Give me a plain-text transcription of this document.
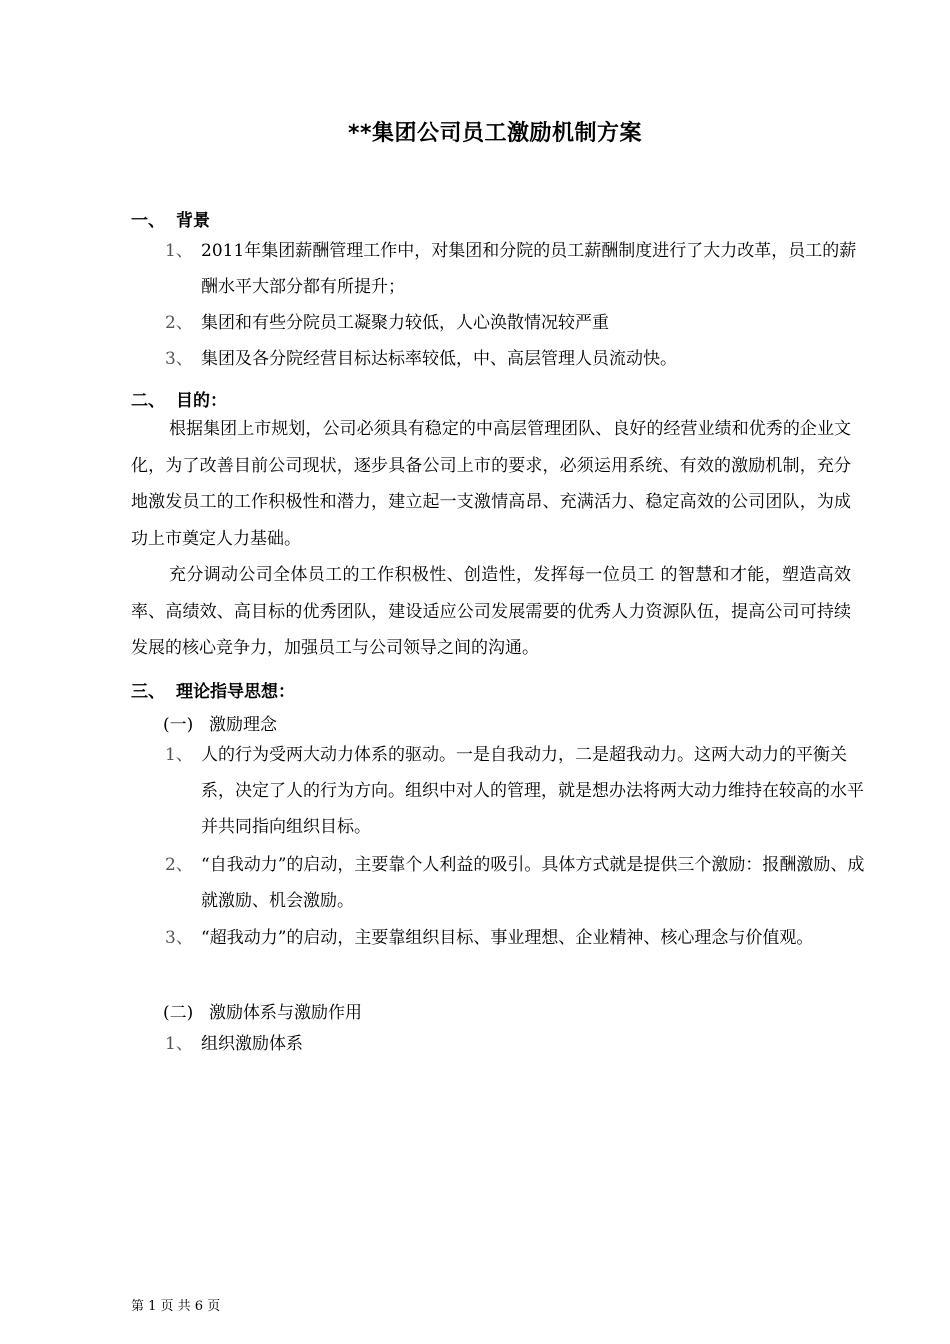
**集团公司员工激励机制方案
一、 背景
1、 2011年集团薪酬管理工作中，对集团和分院的员工薪酬制度进行了大力改革，员工的薪酬水平大部分都有所提升；
2、 集团和有些分院员工凝聚力较低，人心涣散情况较严重
3、 集团及各分院经营目标达标率较低，中、高层管理人员流动快。
二、 目的：
根据集团上市规划，公司必须具有稳定的中高层管理团队、良好的经营业绩和优秀的企业文化，为了改善目前公司现状，逐步具备公司上市的要求，必须运用系统、有效的激励机制，充分地激发员工的工作积极性和潜力，建立起一支激情高昂、充满活力、稳定高效的公司团队，为成功上市奠定人力基础。
充分调动公司全体员工的工作积极性、创造性，发挥每一位员工 的智慧和才能，塑造高效率、高绩效、高目标的优秀团队，建设适应公司发展需要的优秀人力资源队伍，提高公司可持续发展的核心竞争力，加强员工与公司领导之间的沟通。
三、 理论指导思想：
(一) 激励理念
1、 人的行为受两大动力体系的驱动。一是自我动力，二是超我动力。这两大动力的平衡关系，决定了人的行为方向。组织中对人的管理，就是想办法将两大动力维持在较高的水平并共同指向组织目标。
2、 “自我动力”的启动，主要靠个人利益的吸引。具体方式就是提供三个激励：报酬激励、成就激励、机会激励。
3、 “超我动力”的启动，主要靠组织目标、事业理想、企业精神、核心理念与价值观。
(二) 激励体系与激励作用
1、 组织激励体系
第 1 页 共 6 页
